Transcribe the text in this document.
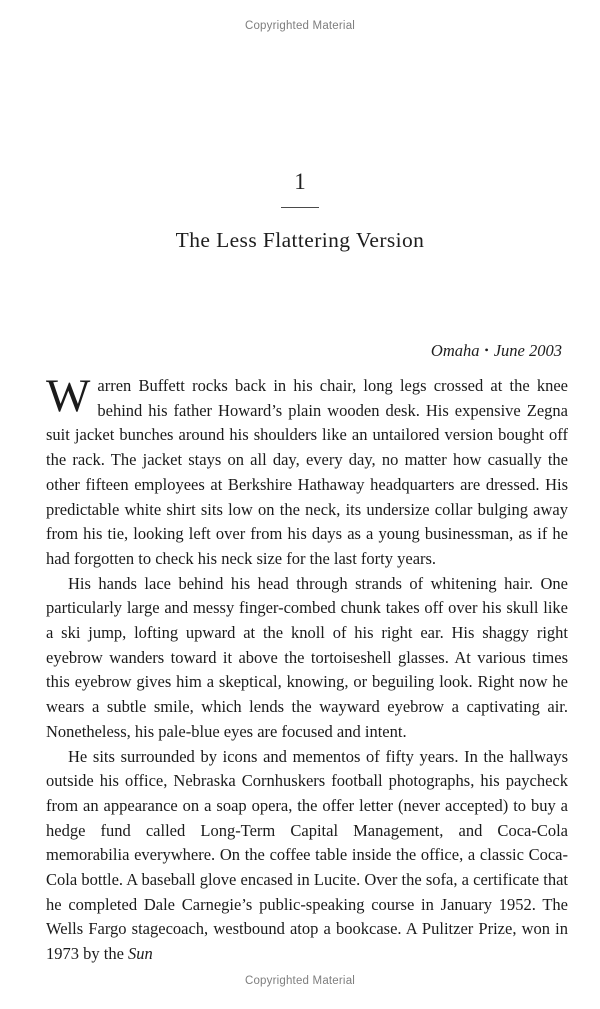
Copyrighted Material
1
The Less Flattering Version
Omaha • June 2003

Warren Buffett rocks back in his chair, long legs crossed at the knee behind his father Howard’s plain wooden desk. His expensive Zegna suit jacket bunches around his shoulders like an untailored version bought off the rack. The jacket stays on all day, every day, no matter how casually the other fifteen employees at Berkshire Hathaway headquarters are dressed. His predictable white shirt sits low on the neck, its undersize collar bulging away from his tie, looking left over from his days as a young businessman, as if he had forgotten to check his neck size for the last forty years.

His hands lace behind his head through strands of whitening hair. One particularly large and messy finger-combed chunk takes off over his skull like a ski jump, lofting upward at the knoll of his right ear. His shaggy right eyebrow wanders toward it above the tortoiseshell glasses. At various times this eyebrow gives him a skeptical, knowing, or beguiling look. Right now he wears a subtle smile, which lends the wayward eyebrow a captivating air. Nonetheless, his pale-blue eyes are focused and intent.

He sits surrounded by icons and mementos of fifty years. In the hallways outside his office, Nebraska Cornhuskers football photographs, his paycheck from an appearance on a soap opera, the offer letter (never accepted) to buy a hedge fund called Long-Term Capital Management, and Coca-Cola memorabilia everywhere. On the coffee table inside the office, a classic Coca-Cola bottle. A baseball glove encased in Lucite. Over the sofa, a certificate that he completed Dale Carnegie’s public-speaking course in January 1952. The Wells Fargo stagecoach, westbound atop a bookcase. A Pulitzer Prize, won in 1973 by the Sun

Copyrighted Material
